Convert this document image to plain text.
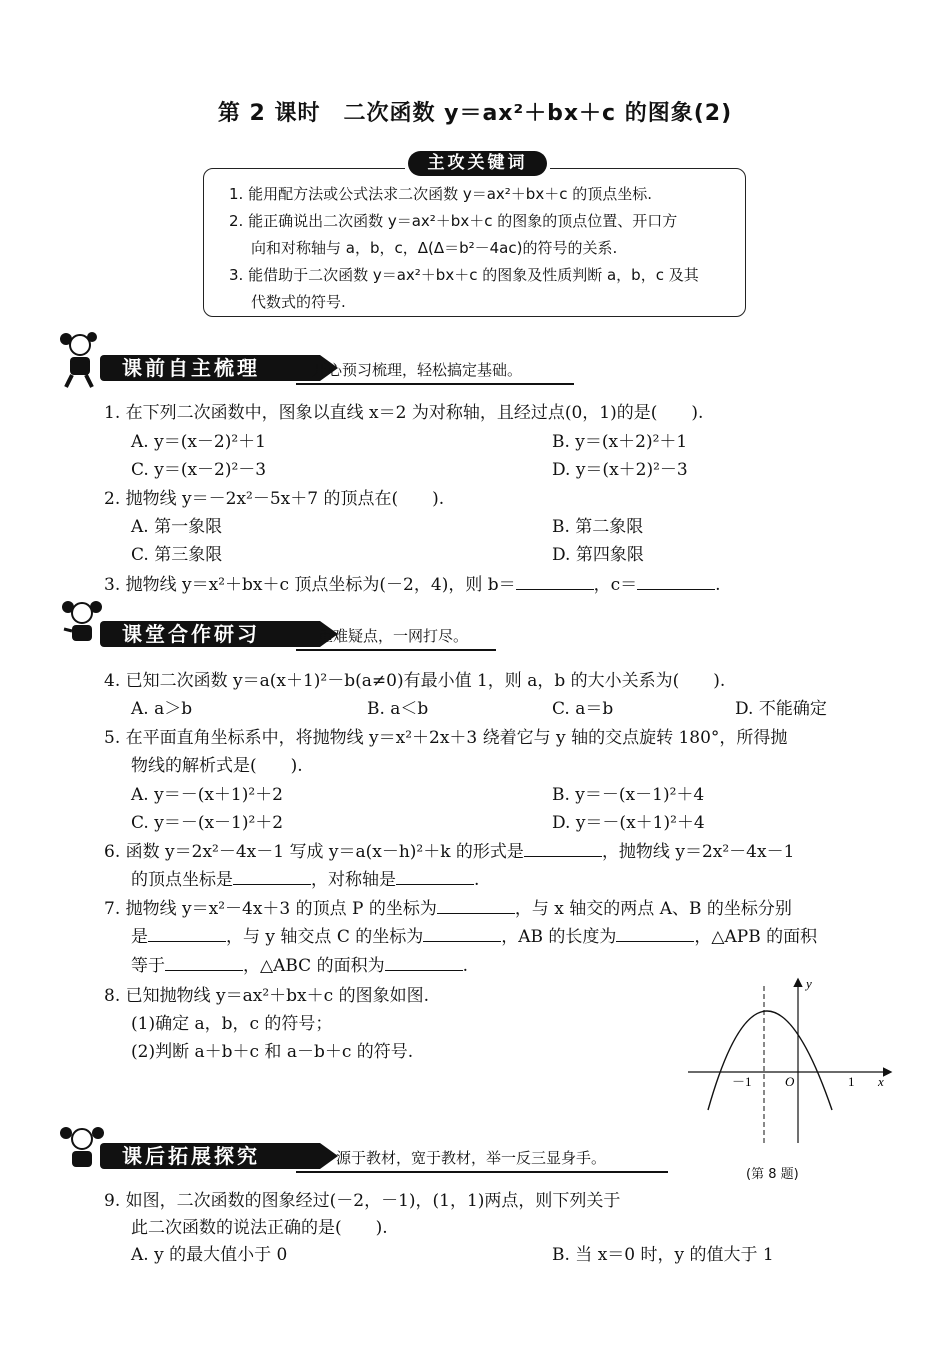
第 2 课时　二次函数 y＝ax²＋bx＋c 的图象(2)
主攻关键词
1. 能用配方法或公式法求二次函数 y＝ax²＋bx＋c 的顶点坐标.
2. 能正确说出二次函数 y＝ax²＋bx＋c 的图象的顶点位置、开口方
向和对称轴与 a，b，c，Δ(Δ＝b²－4ac)的符号的关系.
3. 能借助于二次函数 y＝ax²＋bx＋c 的图象及性质判断 a，b，c 及其
代数式的符号.
课前自主梳理	开心预习梳理，轻松搞定基础。
1. 在下列二次函数中，图象以直线 x＝2 为对称轴，且经过点(0，1)的是(　　).
A. y＝(x－2)²＋1	B. y＝(x＋2)²＋1
C. y＝(x－2)²－3	D. y＝(x＋2)²－3
2. 抛物线 y＝－2x²－5x＋7 的顶点在(　　).
A. 第一象限	B. 第二象限
C. 第三象限	D. 第四象限
3. 抛物线 y＝x²＋bx＋c 顶点坐标为(－2，4)，则 b＝	，c＝	.
课堂合作研习	重难疑点，一网打尽。
4. 已知二次函数 y＝a(x＋1)²－b(a≠0)有最小值 1，则 a，b 的大小关系为(　　).
A. a＞b	B. a＜b	C. a＝b	D. 不能确定
5. 在平面直角坐标系中，将抛物线 y＝x²＋2x＋3 绕着它与 y 轴的交点旋转 180°，所得抛
物线的解析式是(　　).
A. y＝－(x＋1)²＋2	B. y＝－(x－1)²＋4
C. y＝－(x－1)²＋2	D. y＝－(x＋1)²＋4
6. 函数 y＝2x²－4x－1 写成 y＝a(x－h)²＋k 的形式是	，抛物线 y＝2x²－4x－1
的顶点坐标是	，对称轴是	.
7. 抛物线 y＝x²－4x＋3 的顶点 P 的坐标为	，与 x 轴交的两点 A、B 的坐标分别
是	，与 y 轴交点 C 的坐标为	，AB 的长度为	，△APB 的面积
等于	，△ABC 的面积为	.
8. 已知抛物线 y＝ax²＋bx＋c 的图象如图.
(1)确定 a，b，c 的符号；
(2)判断 a＋b＋c 和 a－b＋c 的符号.
y
x
O
－1	1
(第 8 题)
课后拓展探究	源于教材，宽于教材，举一反三显身手。
9. 如图，二次函数的图象经过(－2，－1)，(1，1)两点，则下列关于
此二次函数的说法正确的是(　　).
A. y 的最大值小于 0	B. 当 x＝0 时，y 的值大于 1
